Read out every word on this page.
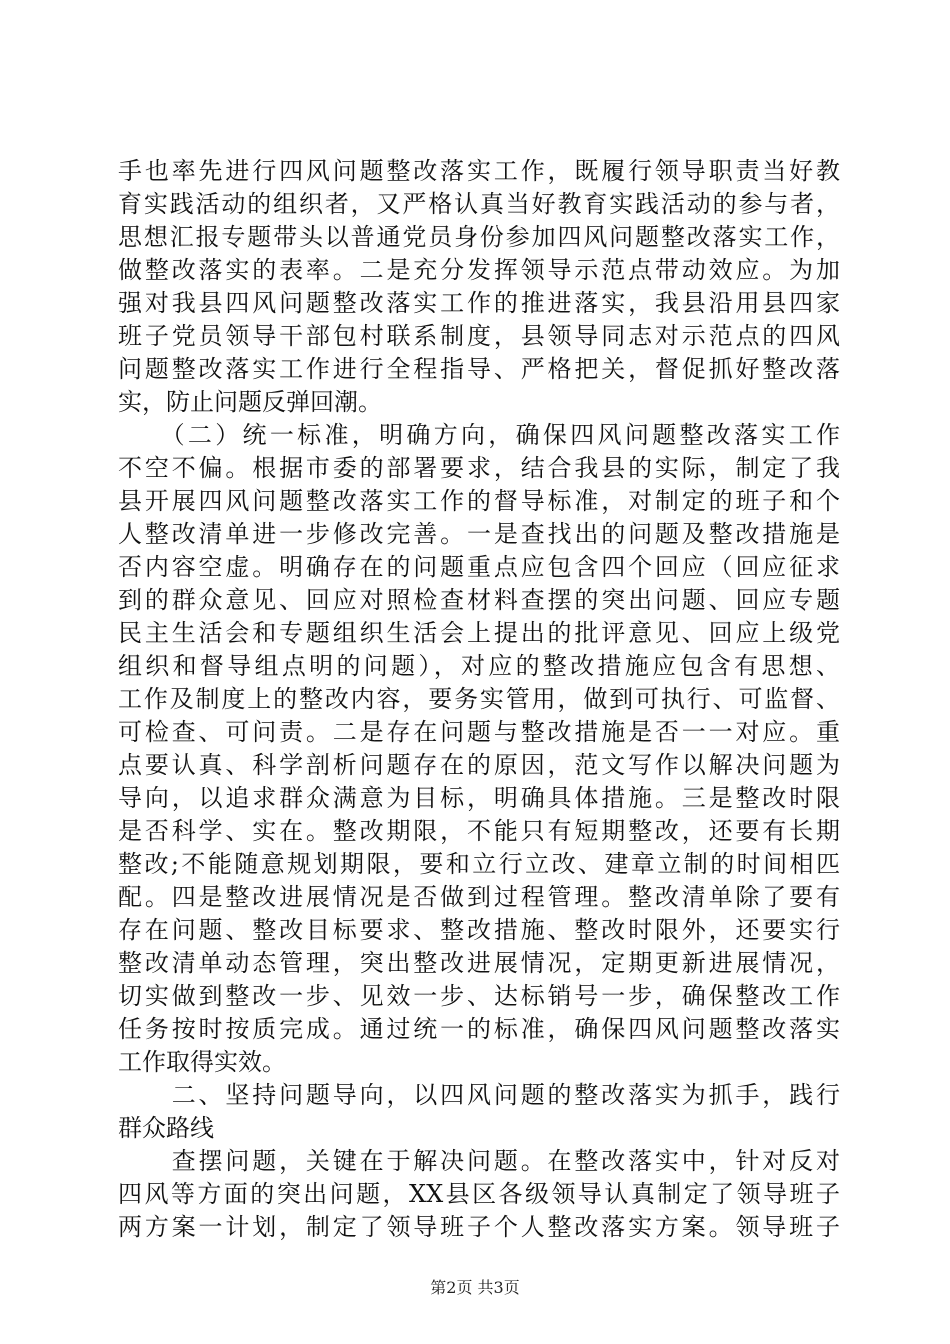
手也率先进行四风问题整改落实工作，既履行领导职责当好教
育实践活动的组织者，又严格认真当好教育实践活动的参与者，
思想汇报专题带头以普通党员身份参加四风问题整改落实工作，
做整改落实的表率。二是充分发挥领导示范点带动效应。为加
强对我县四风问题整改落实工作的推进落实，我县沿用县四家
班子党员领导干部包村联系制度，县领导同志对示范点的四风
问题整改落实工作进行全程指导、严格把关，督促抓好整改落
实，防止问题反弹回潮。
　　（二）统一标准，明确方向，确保四风问题整改落实工作
不空不偏。根据市委的部署要求，结合我县的实际，制定了我
县开展四风问题整改落实工作的督导标准，对制定的班子和个
人整改清单进一步修改完善。一是查找出的问题及整改措施是
否内容空虚。明确存在的问题重点应包含四个回应（回应征求
到的群众意见、回应对照检查材料查摆的突出问题、回应专题
民主生活会和专题组织生活会上提出的批评意见、回应上级党
组织和督导组点明的问题），对应的整改措施应包含有思想、
工作及制度上的整改内容，要务实管用，做到可执行、可监督、
可检查、可问责。二是存在问题与整改措施是否一一对应。重
点要认真、科学剖析问题存在的原因，范文写作以解决问题为
导向，以追求群众满意为目标，明确具体措施。三是整改时限
是否科学、实在。整改期限，不能只有短期整改，还要有长期
整改;不能随意规划期限，要和立行立改、建章立制的时间相匹
配。四是整改进展情况是否做到过程管理。整改清单除了要有
存在问题、整改目标要求、整改措施、整改时限外，还要实行
整改清单动态管理，突出整改进展情况，定期更新进展情况，
切实做到整改一步、见效一步、达标销号一步，确保整改工作
任务按时按质完成。通过统一的标准，确保四风问题整改落实
工作取得实效。
　　二、坚持问题导向，以四风问题的整改落实为抓手，践行
群众路线
　　查摆问题，关键在于解决问题。在整改落实中，针对反对
四风等方面的突出问题，XX县区各级领导认真制定了领导班子
两方案一计划，制定了领导班子个人整改落实方案。领导班子
第2页 共3页
